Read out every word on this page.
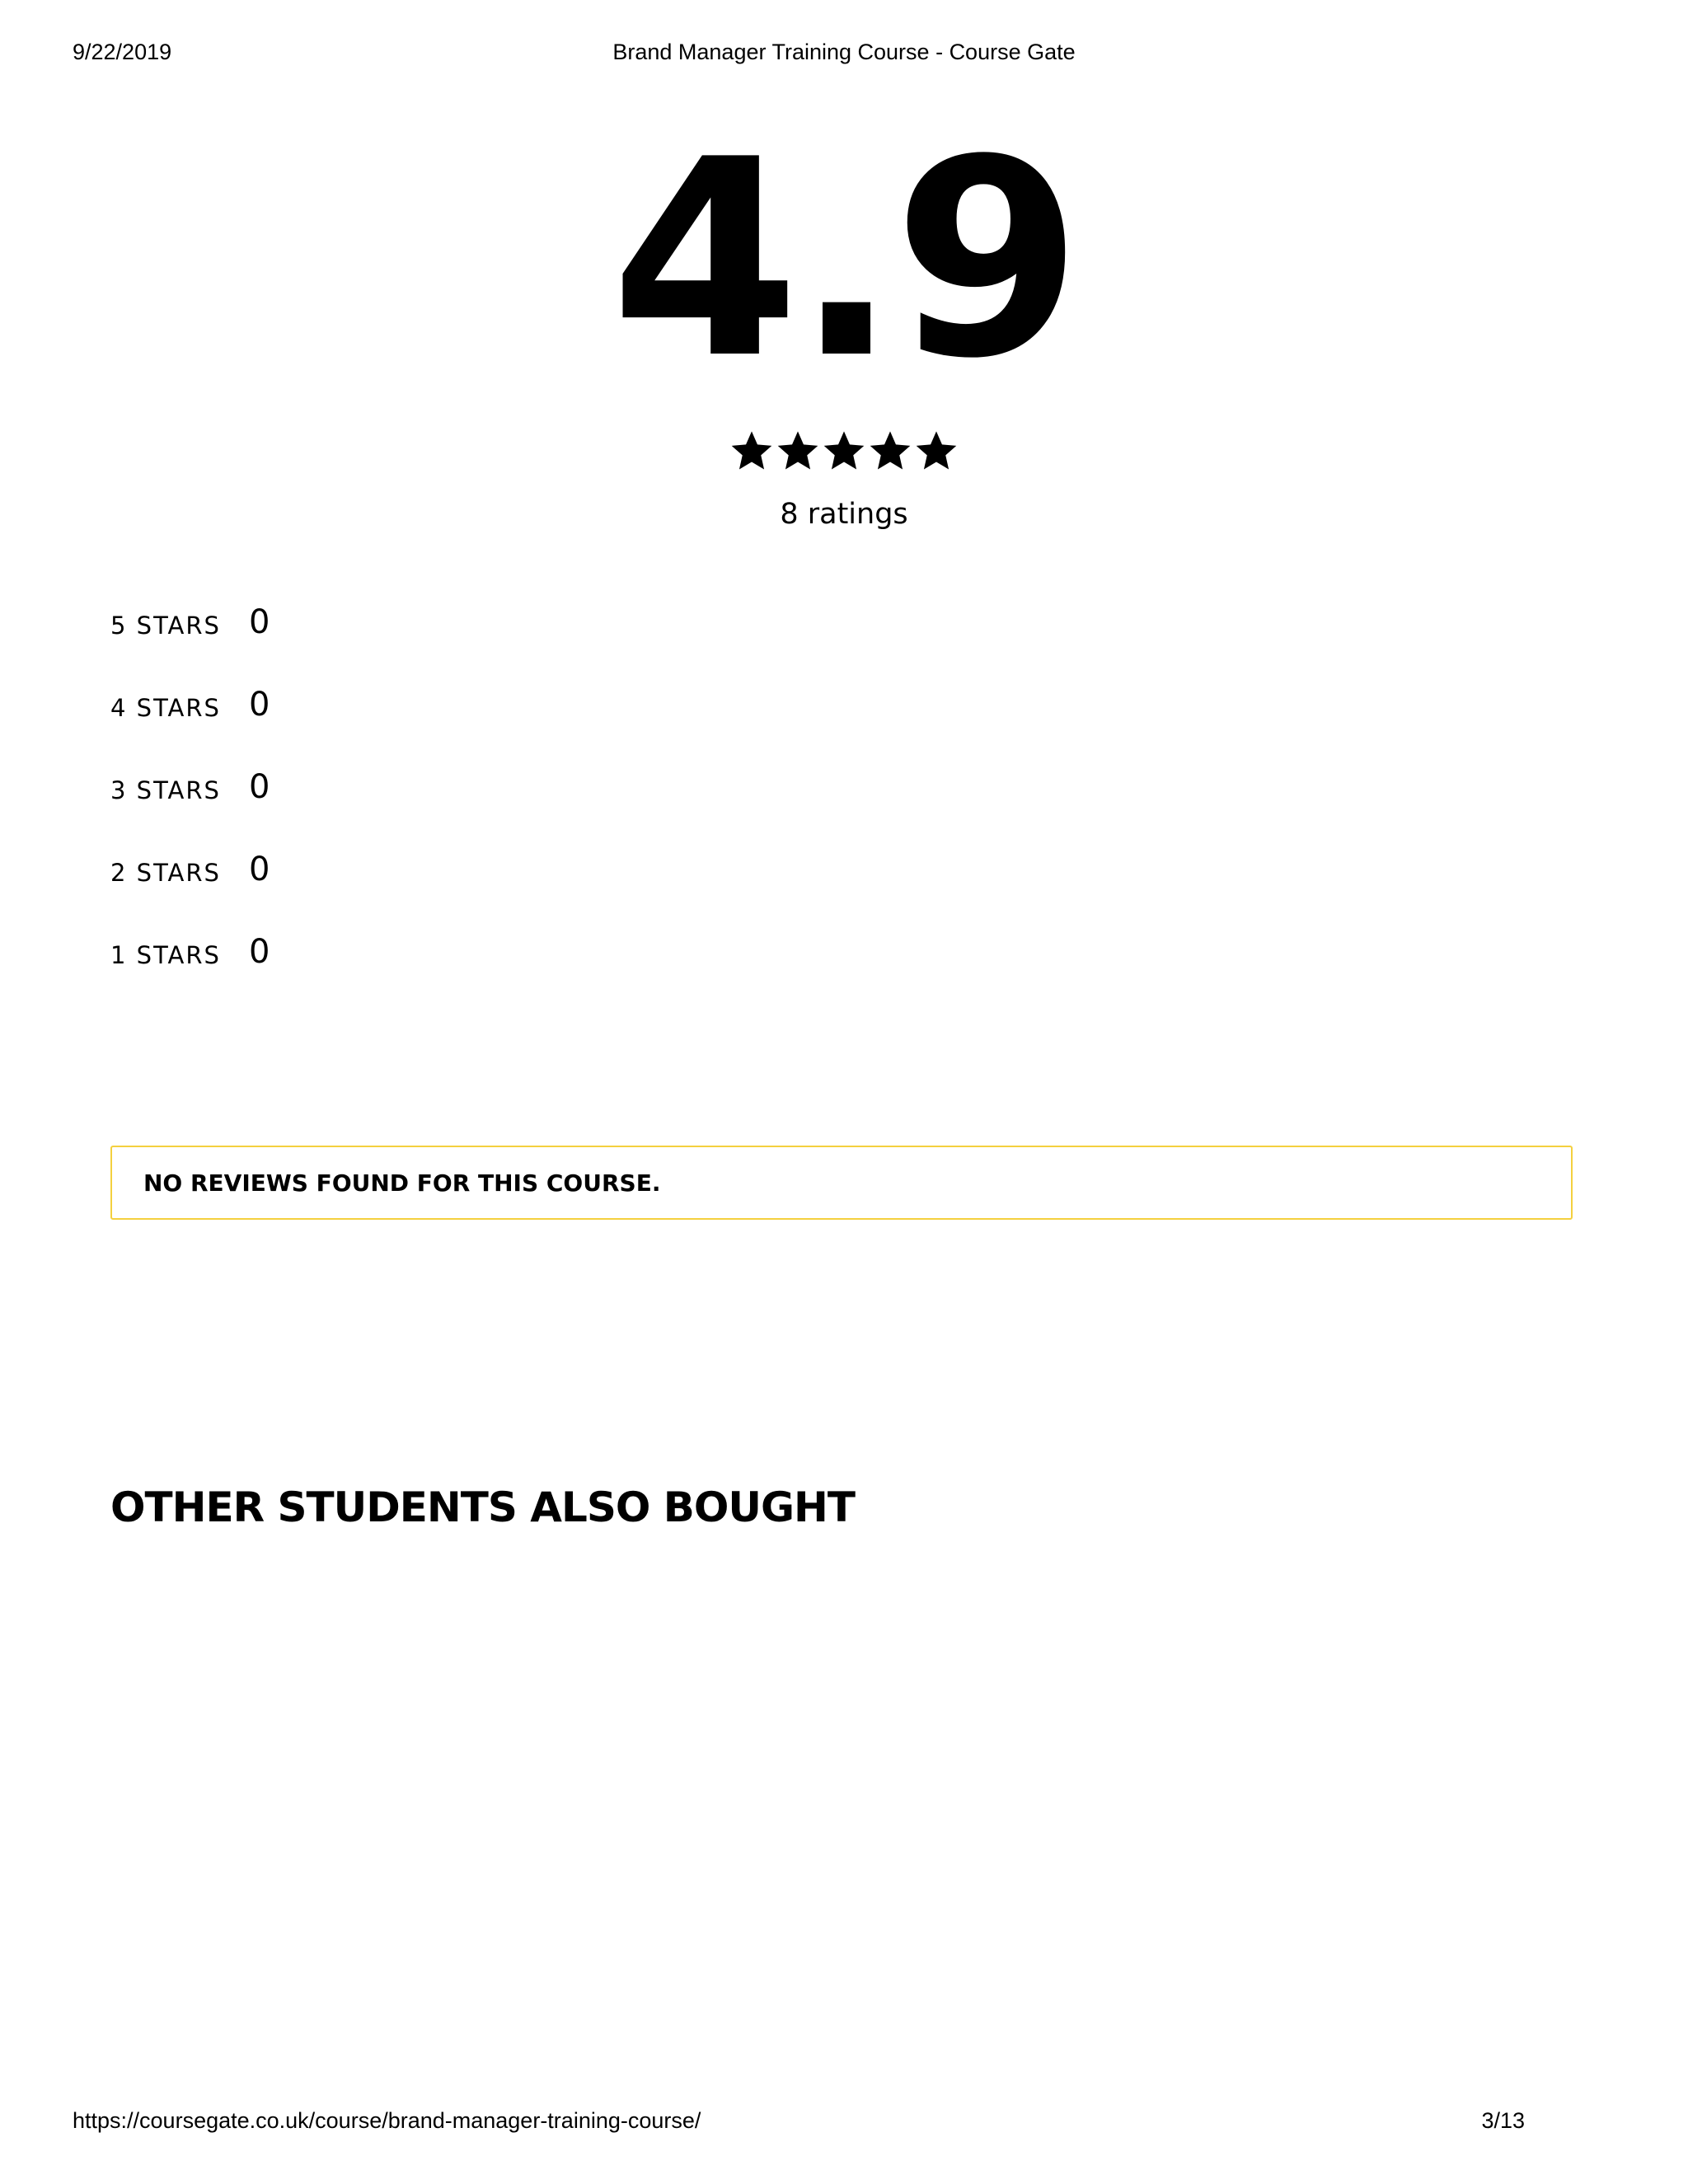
9/22/2019	Brand Manager Training Course - Course Gate
4.9
8 ratings
5 STARS 0
4 STARS 0
3 STARS 0
2 STARS 0
1 STARS 0
NO REVIEWS FOUND FOR THIS COURSE.
OTHER STUDENTS ALSO BOUGHT
https://coursegate.co.uk/course/brand-manager-training-course/	3/13
